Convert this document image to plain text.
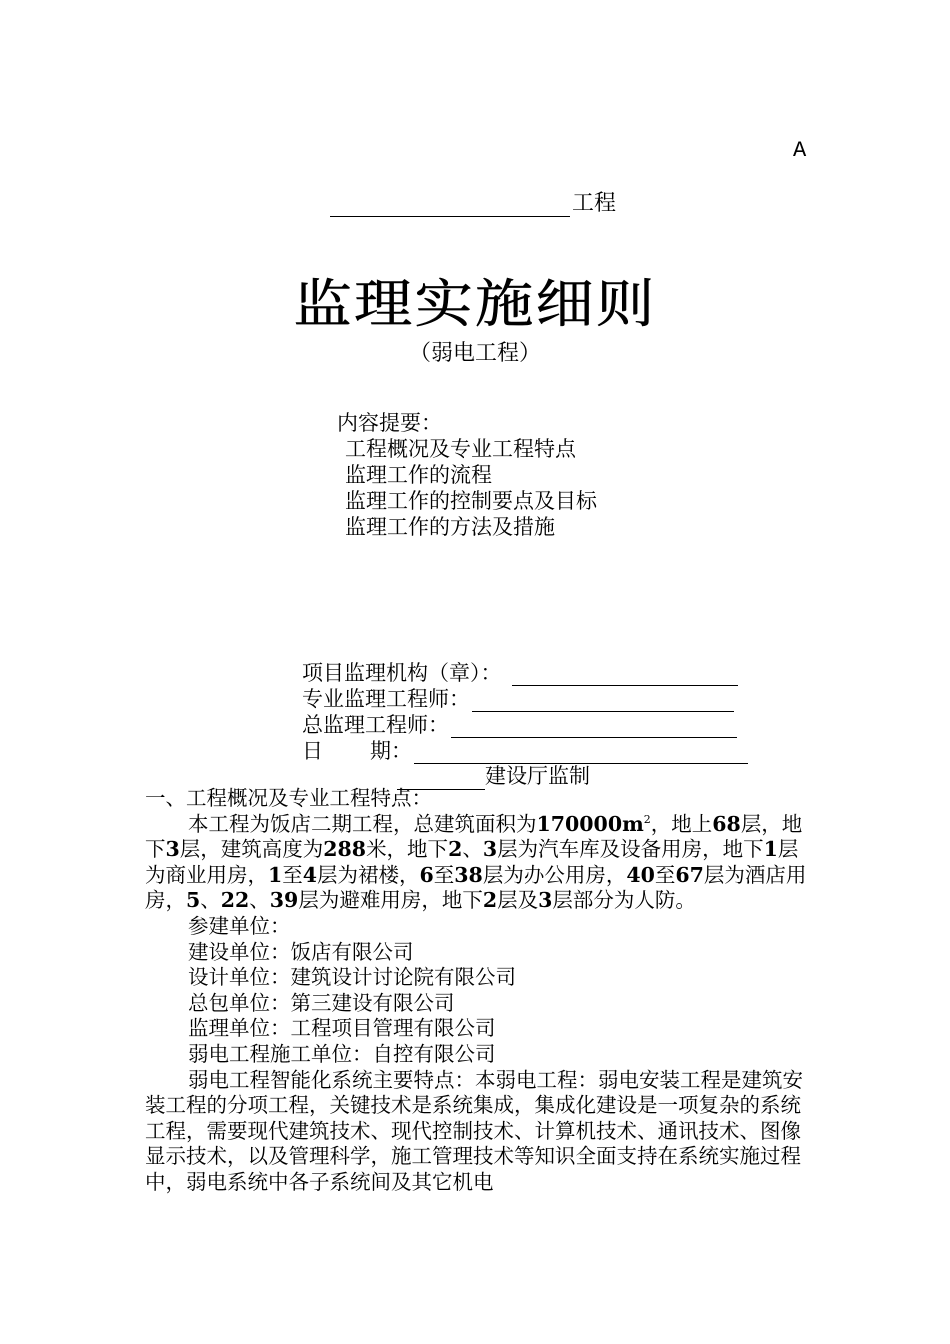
A
工程
监理实施细则
（弱电工程）
内容提要：
工程概况及专业工程特点
监理工作的流程
监理工作的控制要点及目标
监理工作的方法及措施
项目监理机构（章）：
专业监理工程师：
总监理工程师：
日 期：
建设厅监制

一、工程概况及专业工程特点：

本工程为饭店二期工程，总建筑面积为$170000m^2$，地上68层，地下3层，建筑高度为288米，地下2、3层为汽车库及设备用房，地下1层为商业用房，1至4层为裙楼，6至38层为办公用房，40至67层为酒店用房，5、22、39层为避难用房，地下2层及3层部分为人防。

参建单位：

建设单位：饭店有限公司

设计单位：建筑设计讨论院有限公司

总包单位：第三建设有限公司

监理单位：工程项目管理有限公司

弱电工程施工单位：自控有限公司

弱电工程智能化系统主要特点：本弱电工程：弱电安装工程是建筑安装工程的分项工程，关键技术是系统集成，集成化建设是一项复杂的系统工程，需要现代建筑技术、现代控制技术、计算机技术、通讯技术、图像显示技术，以及管理科学，施工管理技术等知识全面支持在系统实施过程中，弱电系统中各子系统间及其它机电
